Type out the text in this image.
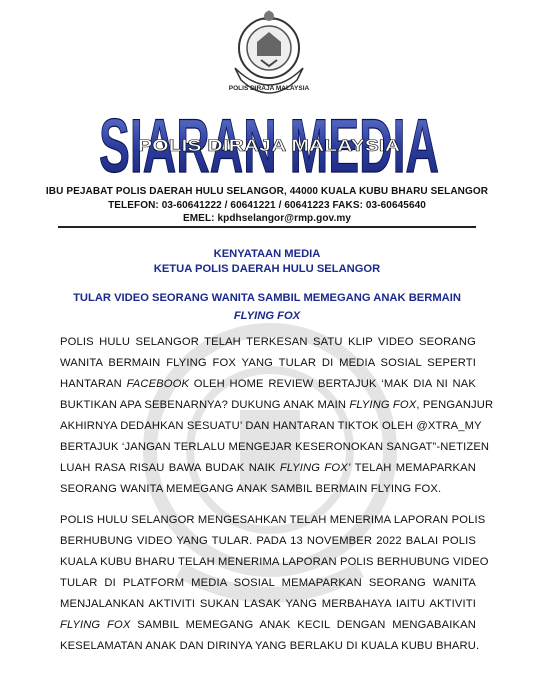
POLIS DIRAJA MALAYSIA
SIARAN MEDIA
POLIS DIRAJA MALAYSIA
IBU PEJABAT POLIS DAERAH HULU SELANGOR, 44000 KUALA KUBU BHARU SELANGOR
TELEFON: 03-60641222 / 60641221 / 60641223 FAKS: 03-60645640
EMEL: kpdhselangor@rmp.gov.my
KENYATAAN MEDIA
KETUA POLIS DAERAH HULU SELANGOR
TULAR VIDEO SEORANG WANITA SAMBIL MEMEGANG ANAK BERMAIN
FLYING FOX
POLIS HULU SELANGOR TELAH TERKESAN SATU KLIP VIDEO SEORANG
WANITA BERMAIN FLYING FOX YANG TULAR DI MEDIA SOSIAL SEPERTI
HANTARAN FACEBOOK OLEH HOME REVIEW BERTAJUK ‘MAK DIA NI NAK
BUKTIKAN APA SEBENARNYA? DUKUNG ANAK MAIN FLYING FOX, PENGANJUR
AKHIRNYA DEDAHKAN SESUATU’ DAN HANTARAN TIKTOK OLEH @XTRA_MY
BERTAJUK ‘JANGAN TERLALU MENGEJAR KESERONOKAN SANGAT”-NETIZEN
LUAH RASA RISAU BAWA BUDAK NAIK FLYING FOX’ TELAH MEMAPARKAN
SEORANG WANITA MEMEGANG ANAK SAMBIL BERMAIN FLYING FOX.
POLIS HULU SELANGOR MENGESAHKAN TELAH MENERIMA LAPORAN POLIS
BERHUBUNG VIDEO YANG TULAR. PADA 13 NOVEMBER 2022 BALAI POLIS
KUALA KUBU BHARU TELAH MENERIMA LAPORAN POLIS BERHUBUNG VIDEO
TULAR DI PLATFORM MEDIA SOSIAL MEMAPARKAN SEORANG WANITA
MENJALANKAN AKTIVITI SUKAN LASAK YANG MERBAHAYA IAITU AKTIVITI
FLYING FOX SAMBIL MEMEGANG ANAK KECIL DENGAN MENGABAIKAN
KESELAMATAN ANAK DAN DIRINYA YANG BERLAKU DI KUALA KUBU BHARU.
